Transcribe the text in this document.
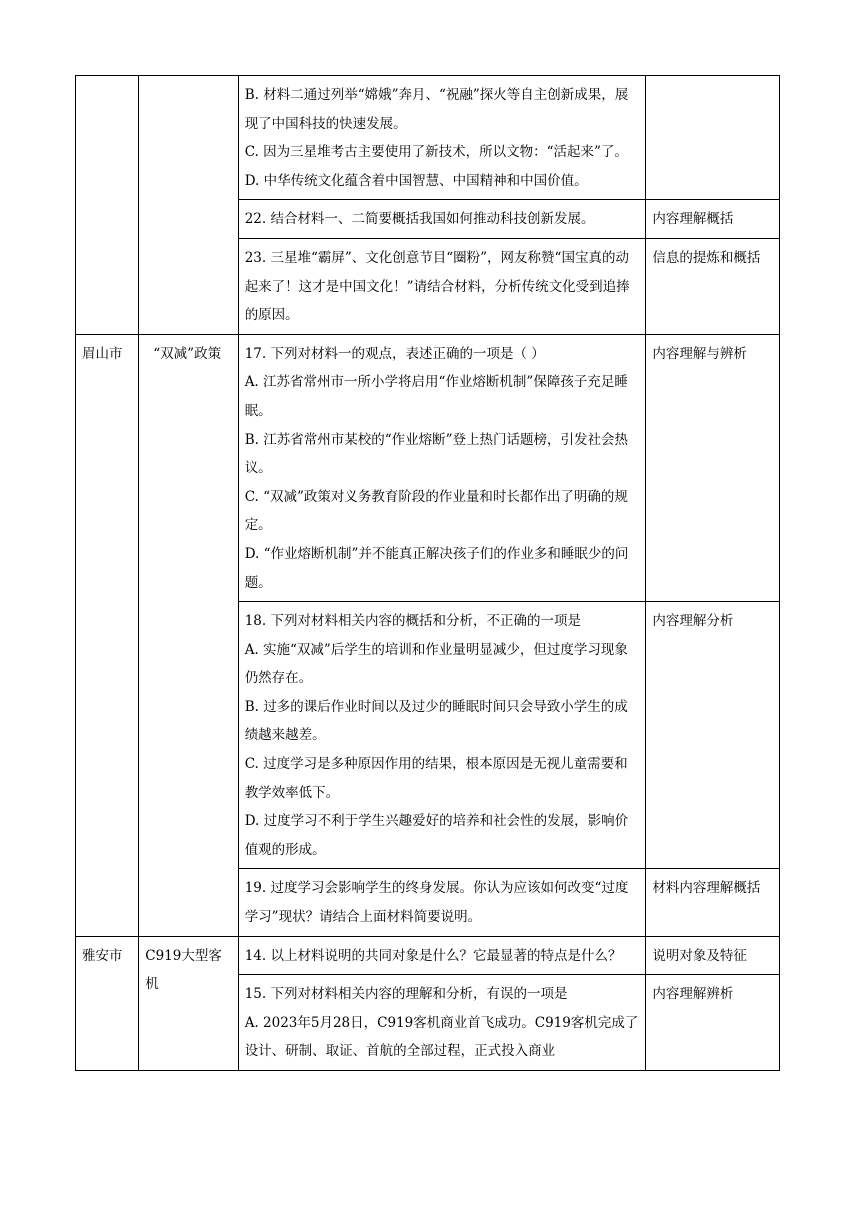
		B. 材料二通过列举“嫦娥”奔月、“祝融”探火等自主创新成果，展现了中国科技的快速发展。
C. 因为三星堆考古主要使用了新技术，所以文物：“活起来”了。
D. 中华传统文化蕴含着中国智慧、中国精神和中国价值。	

		22. 结合材料一、二简要概括我国如何推动科技创新发展。	内容理解概括

		23. 三星堆“霸屏”、文化创意节目“圈粉”，网友称赞“国宝真的动起来了！这才是中国文化！”请结合材料，分析传统文化受到追捧的原因。	信息的提炼和概括
眉山市	“双减”政策	17. 下列对材料一的观点，表述正确的一项是（ ）
A. 江苏省常州市一所小学将启用“作业熔断机制”保障孩子充足睡眠。
B. 江苏省常州市某校的“作业熔断”登上热门话题榜，引发社会热议。
C. “双减”政策对义务教育阶段的作业量和时长都作出了明确的规定。
D. “作业熔断机制”并不能真正解决孩子们的作业多和睡眠少的问题。	内容理解与辨析

		18. 下列对材料相关内容的概括和分析，不正确的一项是
A. 实施“双减”后学生的培训和作业量明显减少，但过度学习现象仍然存在。
B. 过多的课后作业时间以及过少的睡眠时间只会导致小学生的成绩越来越差。
C. 过度学习是多种原因作用的结果，根本原因是无视儿童需要和教学效率低下。
D. 过度学习不利于学生兴趣爱好的培养和社会性的发展，影响价值观的形成。	内容理解分析

		19. 过度学习会影响学生的终身发展。你认为应该如何改变“过度学习”现状？请结合上面材料简要说明。	材料内容理解概括
雅安市	C919大型客机	14. 以上材料说明的共同对象是什么？它最显著的特点是什么？	说明对象及特征

		15. 下列对材料相关内容的理解和分析，有误的一项是
A. 2023年5月28日，C919客机商业首飞成功。C919客机完成了设计、研制、取证、首航的全部过程，正式投入商业	内容理解辨析
